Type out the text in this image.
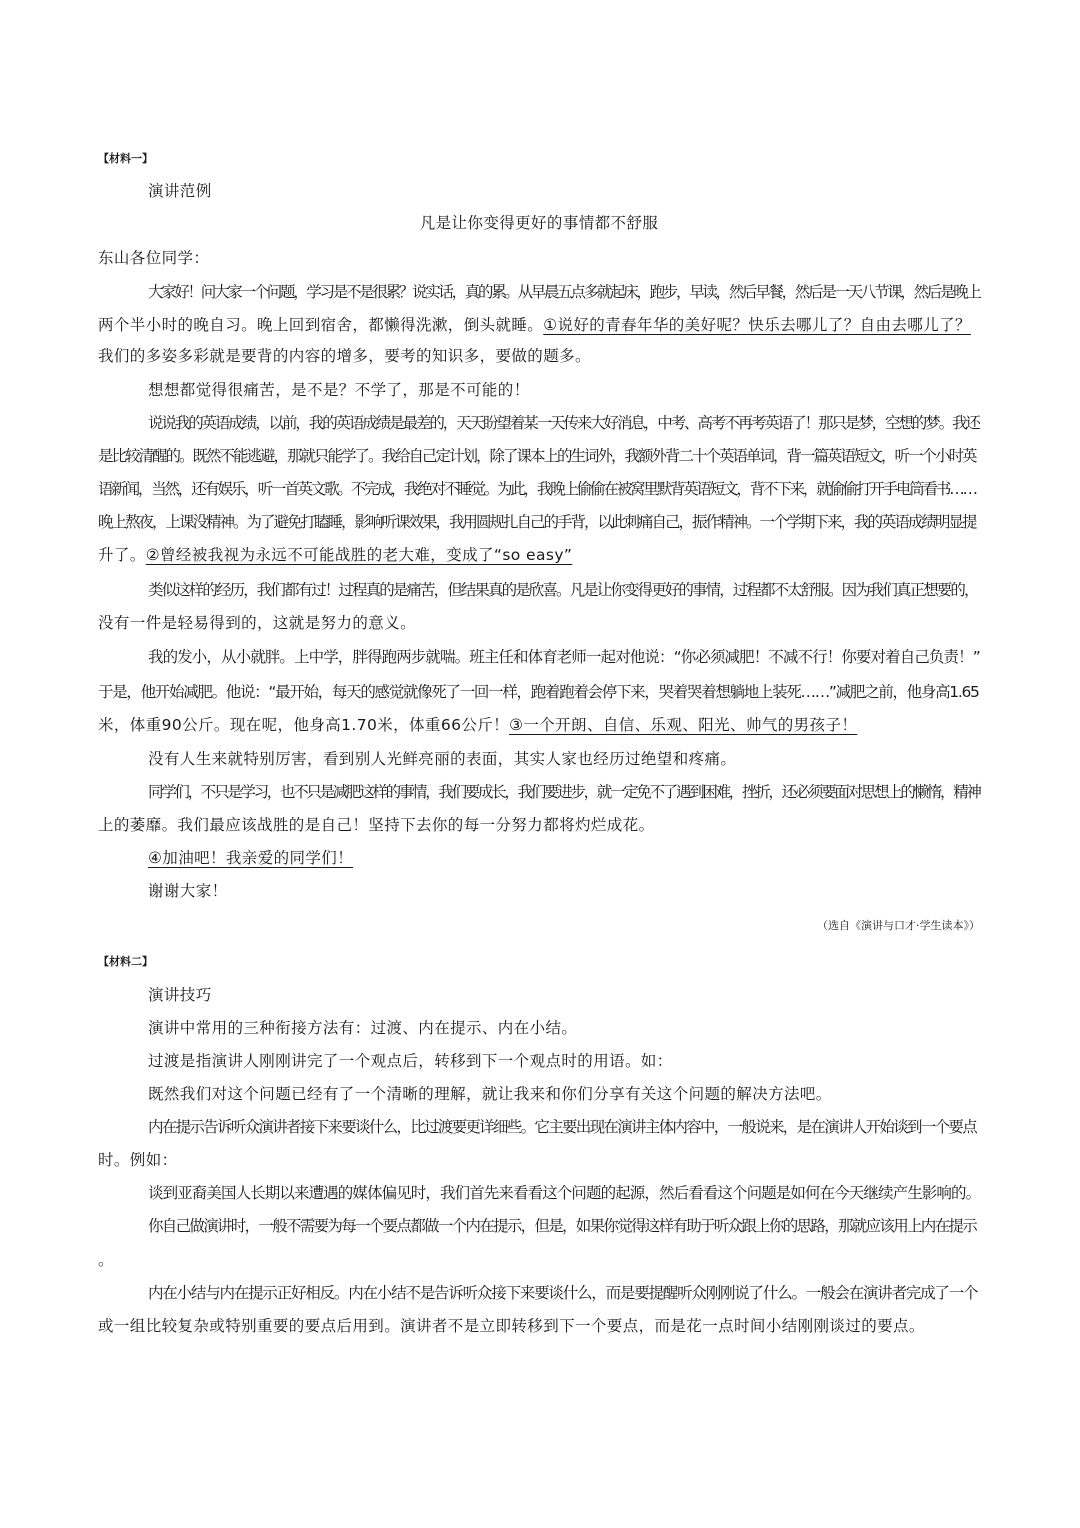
【材料一】
演讲范例
凡是让你变得更好的事情都不舒服
东山各位同学：
大家好！问大家一个问题，学习是不是很累？说实话，真的累。从早晨五点多就起床，跑步，早读，然后早餐，然后是一天八节课，然后是晚上
两个半小时的晚自习。晚上回到宿舍，都懒得洗漱，倒头就睡。①说好的青春年华的美好呢？快乐去哪儿了？自由去哪儿了？
我们的多姿多彩就是要背的内容的增多，要考的知识多，要做的题多。
想想都觉得很痛苦，是不是？不学了，那是不可能的！
说说我的英语成绩，以前，我的英语成绩是最差的，天天盼望着某一天传来大好消息，中考、高考不再考英语了！那只是梦，空想的梦。我还
是比较清醒的。既然不能逃避，那就只能学了。我给自己定计划，除了课本上的生词外，我额外背二十个英语单词，背一篇英语短文，听一个小时英
语新闻，当然，还有娱乐，听一首英文歌。不完成，我绝对不睡觉。为此，我晚上偷偷在被窝里默背英语短文，背不下来，就偷偷打开手电筒看书……
晚上熬夜，上课没精神。为了避免打瞌睡，影响听课效果，我用圆规扎自己的手背，以此刺痛自己，振作精神。一个学期下来，我的英语成绩明显提
升了。②曾经被我视为永远不可能战胜的老大难，变成了“so easy”
类似这样的经历，我们都有过！过程真的是痛苦，但结果真的是欣喜。凡是让你变得更好的事情，过程都不太舒服。因为我们真正想要的，
没有一件是轻易得到的，这就是努力的意义。
我的发小，从小就胖。上中学，胖得跑两步就喘。班主任和体育老师一起对他说：“你必须减肥！不减不行！你要对着自己负责！”
于是，他开始减肥。他说：“最开始，每天的感觉就像死了一回一样，跑着跑着会停下来，哭着哭着想躺地上装死……”减肥之前，他身高1.65
米，体重90公斤。现在呢，他身高1.70米，体重66公斤！③一个开朗、自信、乐观、阳光、帅气的男孩子！
没有人生来就特别厉害，看到别人光鲜亮丽的表面，其实人家也经历过绝望和疼痛。
同学们，不只是学习，也不只是减肥这样的事情，我们要成长，我们要进步，就一定免不了遇到困难，挫折，还必须要面对思想上的懒惰，精神
上的萎靡。我们最应该战胜的是自己！坚持下去你的每一分努力都将灼烂成花。
④加油吧！我亲爱的同学们！
谢谢大家！
（选自《演讲与口才·学生读本》）
【材料二】
演讲技巧
演讲中常用的三种衔接方法有：过渡、内在提示、内在小结。
过渡是指演讲人刚刚讲完了一个观点后，转移到下一个观点时的用语。如：
既然我们对这个问题已经有了一个清晰的理解，就让我来和你们分享有关这个问题的解决方法吧。
内在提示告诉听众演讲者接下来要谈什么，比过渡要更详细些。它主要出现在演讲主体内容中，一般说来，是在演讲人开始谈到一个要点
时。例如：
谈到亚裔美国人长期以来遭遇的媒体偏见时，我们首先来看看这个问题的起源，然后看看这个问题是如何在今天继续产生影响的。
你自己做演讲时，一般不需要为每一个要点都做一个内在提示，但是，如果你觉得这样有助于听众跟上你的思路，那就应该用上内在提示
。
内在小结与内在提示正好相反。内在小结不是告诉听众接下来要谈什么，而是要提醒听众刚刚说了什么。一般会在演讲者完成了一个
或一组比较复杂或特别重要的要点后用到。演讲者不是立即转移到下一个要点，而是花一点时间小结刚刚谈过的要点。
